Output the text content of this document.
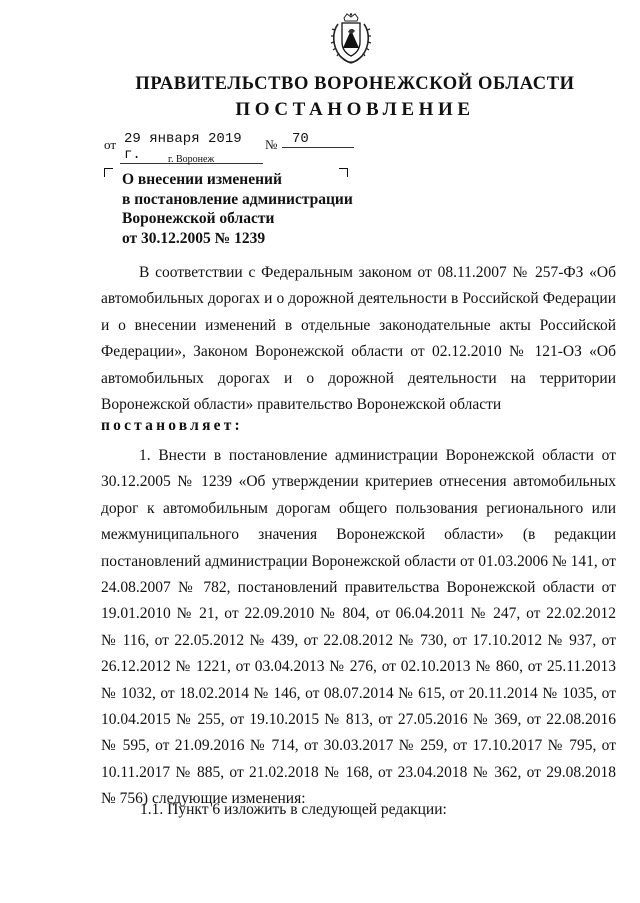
ПРАВИТЕЛЬСТВО ВОРОНЕЖСКОЙ ОБЛАСТИ
ПОСТАНОВЛЕНИЕ
от 29 января 2019 г.
№	70
г. Воронеж
О внесении изменений
в постановление администрации
Воронежской области
от 30.12.2005 № 1239
В соответствии с Федеральным законом от 08.11.2007 № 257-ФЗ «Об
автомобильных дорогах и о дорожной деятельности в Российской Федерации
и о внесении изменений в отдельные законодательные акты Российской
Федерации», Законом Воронежской области от 02.12.2010 № 121-ОЗ «Об
автомобильных дорогах и о дорожной деятельности на территории
Воронежской области» правительство Воронежской области
постановляет:
1. Внести в постановление администрации Воронежской области от
30.12.2005 № 1239 «Об утверждении критериев отнесения автомобильных
дорог к автомобильным дорогам общего пользования регионального или
межмуниципального значения Воронежской области» (в редакции
постановлений администрации Воронежской области от 01.03.2006 № 141, от
24.08.2007 № 782, постановлений правительства Воронежской области от
19.01.2010 № 21, от 22.09.2010 № 804, от 06.04.2011 № 247, от 22.02.2012
№ 116, от 22.05.2012 № 439, от 22.08.2012 № 730, от 17.10.2012 № 937, от
26.12.2012 № 1221, от 03.04.2013 № 276, от 02.10.2013 № 860, от 25.11.2013
№ 1032, от 18.02.2014 № 146, от 08.07.2014 № 615, от 20.11.2014 № 1035, от
10.04.2015 № 255, от 19.10.2015 № 813, от 27.05.2016 № 369, от 22.08.2016
№ 595, от 21.09.2016 № 714, от 30.03.2017 № 259, от 17.10.2017 № 795, от
10.11.2017 № 885, от 21.02.2018 № 168, от 23.04.2018 № 362, от 29.08.2018
№ 756) следующие изменения:
1.1. Пункт 6 изложить в следующей редакции:
